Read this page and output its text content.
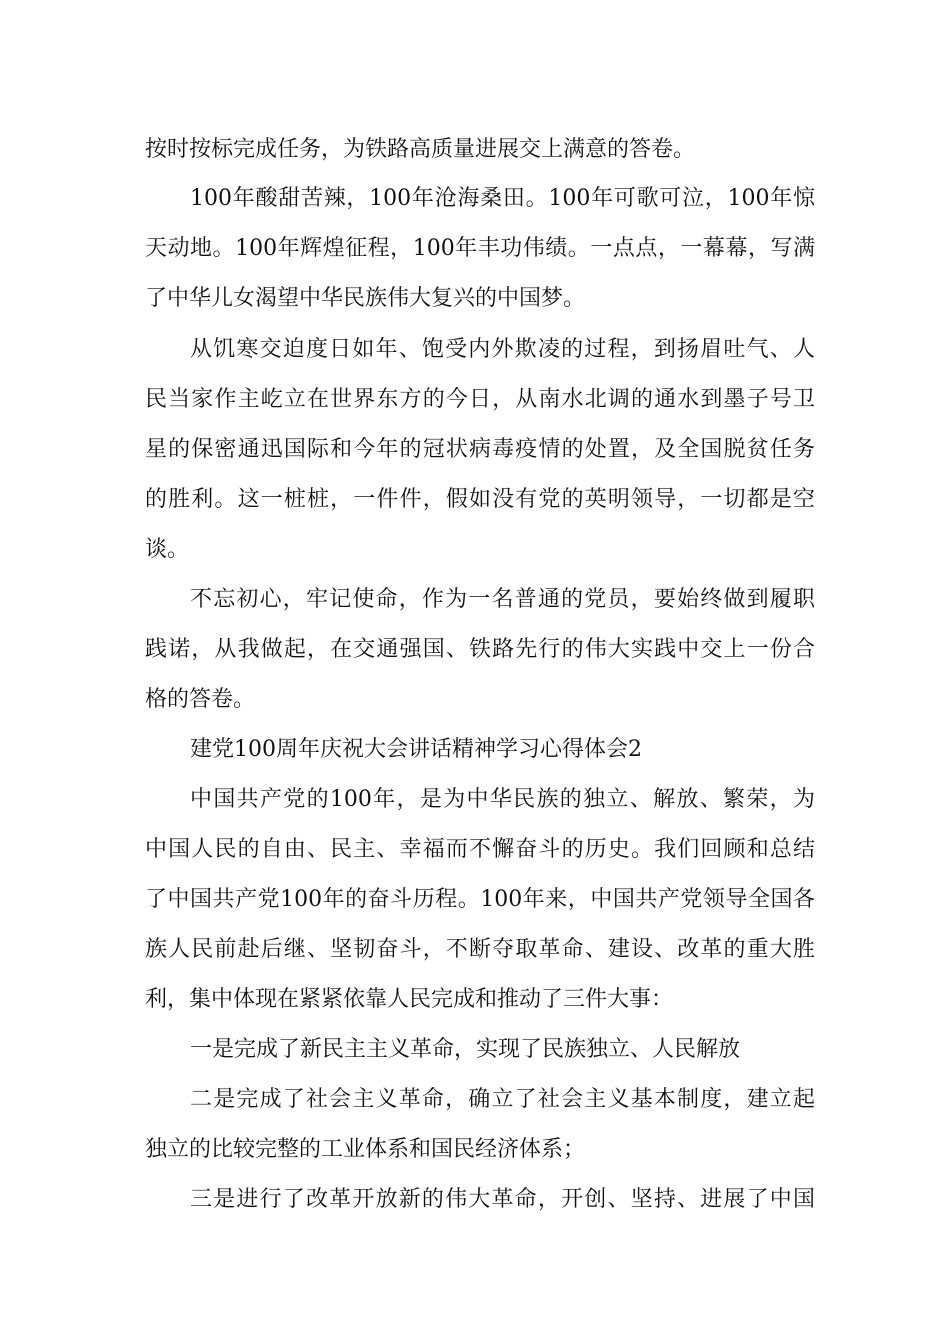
按时按标完成任务，为铁路高质量进展交上满意的答卷。
100年酸甜苦辣，100年沧海桑田。100年可歌可泣，100年惊
天动地。100年辉煌征程，100年丰功伟绩。一点点，一幕幕，写满
了中华儿女渴望中华民族伟大复兴的中国梦。
从饥寒交迫度日如年、饱受内外欺凌的过程，到扬眉吐气、人
民当家作主屹立在世界东方的今日，从南水北调的通水到墨子号卫
星的保密通迅国际和今年的冠状病毒疫情的处置，及全国脱贫任务
的胜利。这一桩桩，一件件，假如没有党的英明领导，一切都是空
谈。
不忘初心，牢记使命，作为一名普通的党员，要始终做到履职
践诺，从我做起，在交通强国、铁路先行的伟大实践中交上一份合
格的答卷。
建党100周年庆祝大会讲话精神学习心得体会2
中国共产党的100年，是为中华民族的独立、解放、繁荣，为
中国人民的自由、民主、幸福而不懈奋斗的历史。我们回顾和总结
了中国共产党100年的奋斗历程。100年来，中国共产党领导全国各
族人民前赴后继、坚韧奋斗，不断夺取革命、建设、改革的重大胜
利，集中体现在紧紧依靠人民完成和推动了三件大事：
一是完成了新民主主义革命，实现了民族独立、人民解放
二是完成了社会主义革命，确立了社会主义基本制度，建立起
独立的比较完整的工业体系和国民经济体系；
三是进行了改革开放新的伟大革命，开创、坚持、进展了中国
